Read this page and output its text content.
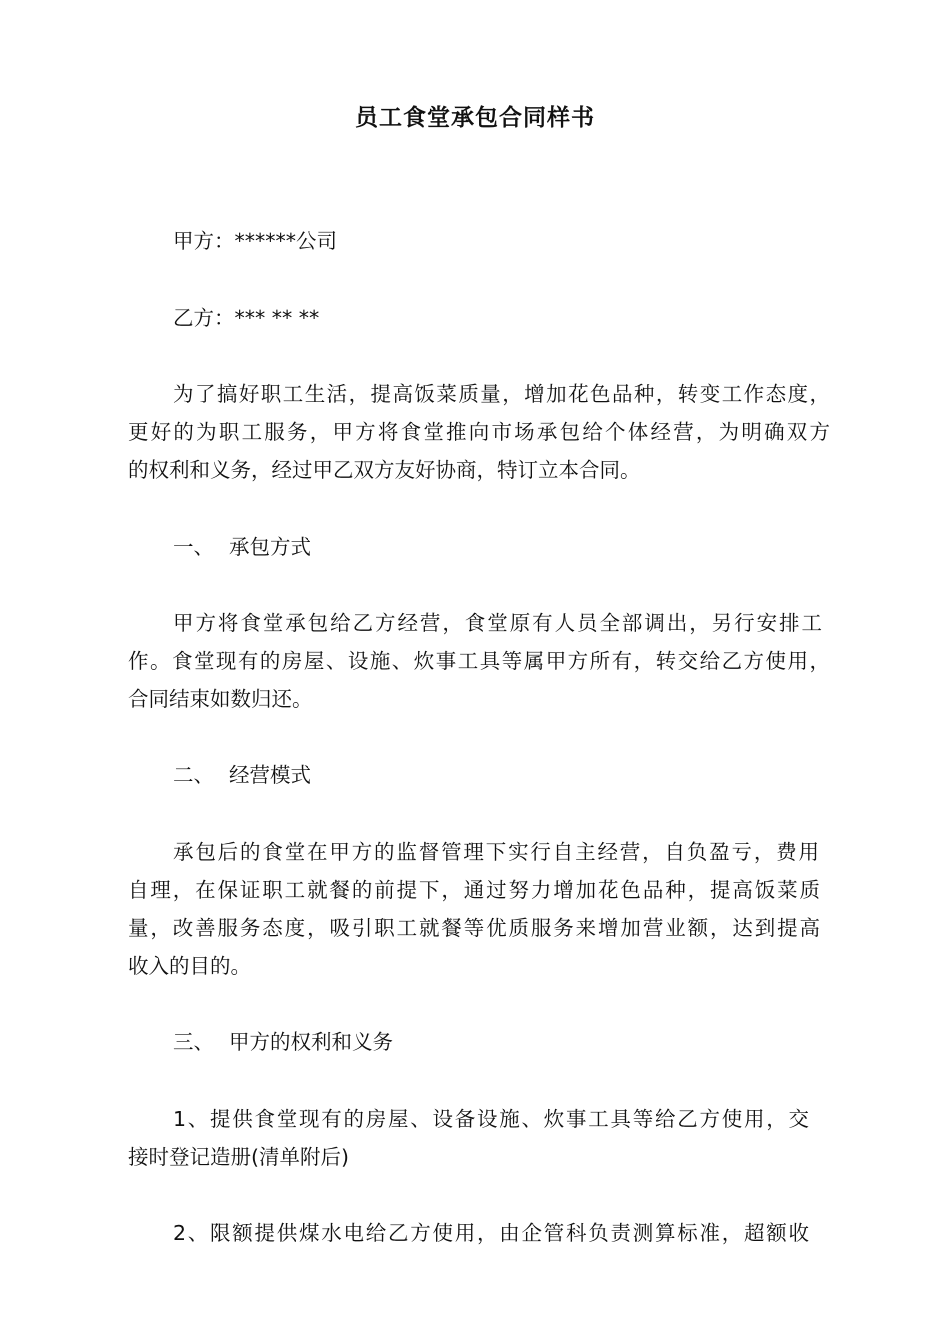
员工食堂承包合同样书
甲方：******公司
乙方：*** ** **
为了搞好职工生活，提高饭菜质量，增加花色品种，转变工作态度，
更好的为职工服务，甲方将食堂推向市场承包给个体经营，为明确双方
的权利和义务，经过甲乙双方友好协商，特订立本合同。
一、 承包方式
甲方将食堂承包给乙方经营，食堂原有人员全部调出，另行安排工
作。食堂现有的房屋、设施、炊事工具等属甲方所有，转交给乙方使用，
合同结束如数归还。
二、 经营模式
承包后的食堂在甲方的监督管理下实行自主经营，自负盈亏，费用
自理，在保证职工就餐的前提下，通过努力增加花色品种，提高饭菜质
量，改善服务态度，吸引职工就餐等优质服务来增加营业额，达到提高
收入的目的。
三、 甲方的权利和义务
1、提供食堂现有的房屋、设备设施、炊事工具等给乙方使用，交
接时登记造册(清单附后)
2、限额提供煤水电给乙方使用，由企管科负责测算标准，超额收
